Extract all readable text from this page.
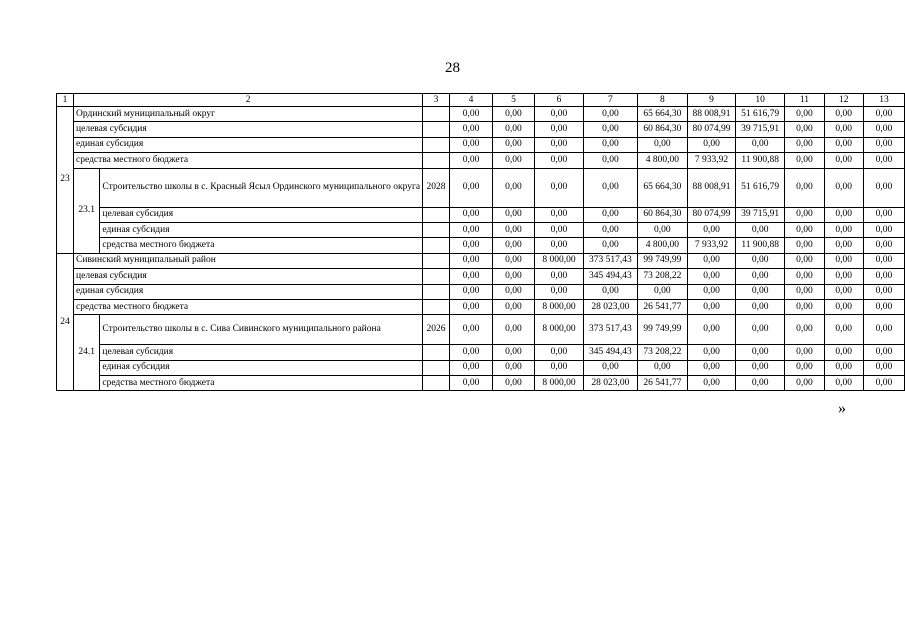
28
1	2		3	4	5	6	7	8	9	10	11	12	13
23	Ординский муниципальный округ			0,00	0,00	0,00	0,00	65 664,30	88 008,91	51 616,79	0,00	0,00	0,00
	целевая субсидия			0,00	0,00	0,00	0,00	60 864,30	80 074,99	39 715,91	0,00	0,00	0,00
	единая субсидия			0,00	0,00	0,00	0,00	0,00	0,00	0,00	0,00	0,00	0,00
	средства местного бюджета			0,00	0,00	0,00	0,00	4 800,00	7 933,92	11 900,88	0,00	0,00	0,00
	23.1	Строительство школы в с. Красный Ясыл Ординского муниципального округа	2028	0,00	0,00	0,00	0,00	65 664,30	88 008,91	51 616,79	0,00	0,00	0,00
		целевая субсидия		0,00	0,00	0,00	0,00	60 864,30	80 074,99	39 715,91	0,00	0,00	0,00
		единая субсидия		0,00	0,00	0,00	0,00	0,00	0,00	0,00	0,00	0,00	0,00
		средства местного бюджета		0,00	0,00	0,00	0,00	4 800,00	7 933,92	11 900,88	0,00	0,00	0,00
24	Сивинский муниципальный район			0,00	0,00	8 000,00	373 517,43	99 749,99	0,00	0,00	0,00	0,00	0,00
	целевая субсидия			0,00	0,00	0,00	345 494,43	73 208,22	0,00	0,00	0,00	0,00	0,00
	единая субсидия			0,00	0,00	0,00	0,00	0,00	0,00	0,00	0,00	0,00	0,00
	средства местного бюджета			0,00	0,00	8 000,00	28 023,00	26 541,77	0,00	0,00	0,00	0,00	0,00
	24.1	Строительство школы в с. Сива Сивинского муниципального района	2026	0,00	0,00	8 000,00	373 517,43	99 749,99	0,00	0,00	0,00	0,00	0,00
		целевая субсидия		0,00	0,00	0,00	345 494,43	73 208,22	0,00	0,00	0,00	0,00	0,00
		единая субсидия		0,00	0,00	0,00	0,00	0,00	0,00	0,00	0,00	0,00	0,00
		средства местного бюджета		0,00	0,00	8 000,00	28 023,00	26 541,77	0,00	0,00	0,00	0,00	0,00
»
